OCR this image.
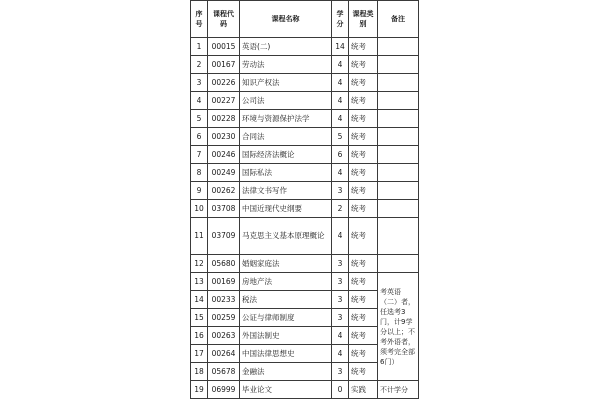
序号	课程代码	课程名称	学分	课程类别	备注
1	00015	英语(二)	14	统考	
2	00167	劳动法	4	统考	
3	00226	知识产权法	4	统考	
4	00227	公司法	4	统考	
5	00228	环境与资源保护法学	4	统考	
6	00230	合同法	5	统考	
7	00246	国际经济法概论	6	统考	
8	00249	国际私法	4	统考	
9	00262	法律文书写作	3	统考	
10	03708	中国近现代史纲要	2	统考	
11	03709	马克思主义基本原理概论	4	统考	
12	05680	婚姻家庭法	3	统考	
13	00169	房地产法	3	统考	考英语（二）者，任选考3门，计9学分以上；不考外语者，须考完全部6门）
14	00233	税法	3	统考	
15	00259	公证与律师制度	3	统考	
16	00263	外国法制史	4	统考	
17	00264	中国法律思想史	4	统考	
18	05678	金融法	3	统考	
19	06999	毕业论文	0	实践	不计学分
